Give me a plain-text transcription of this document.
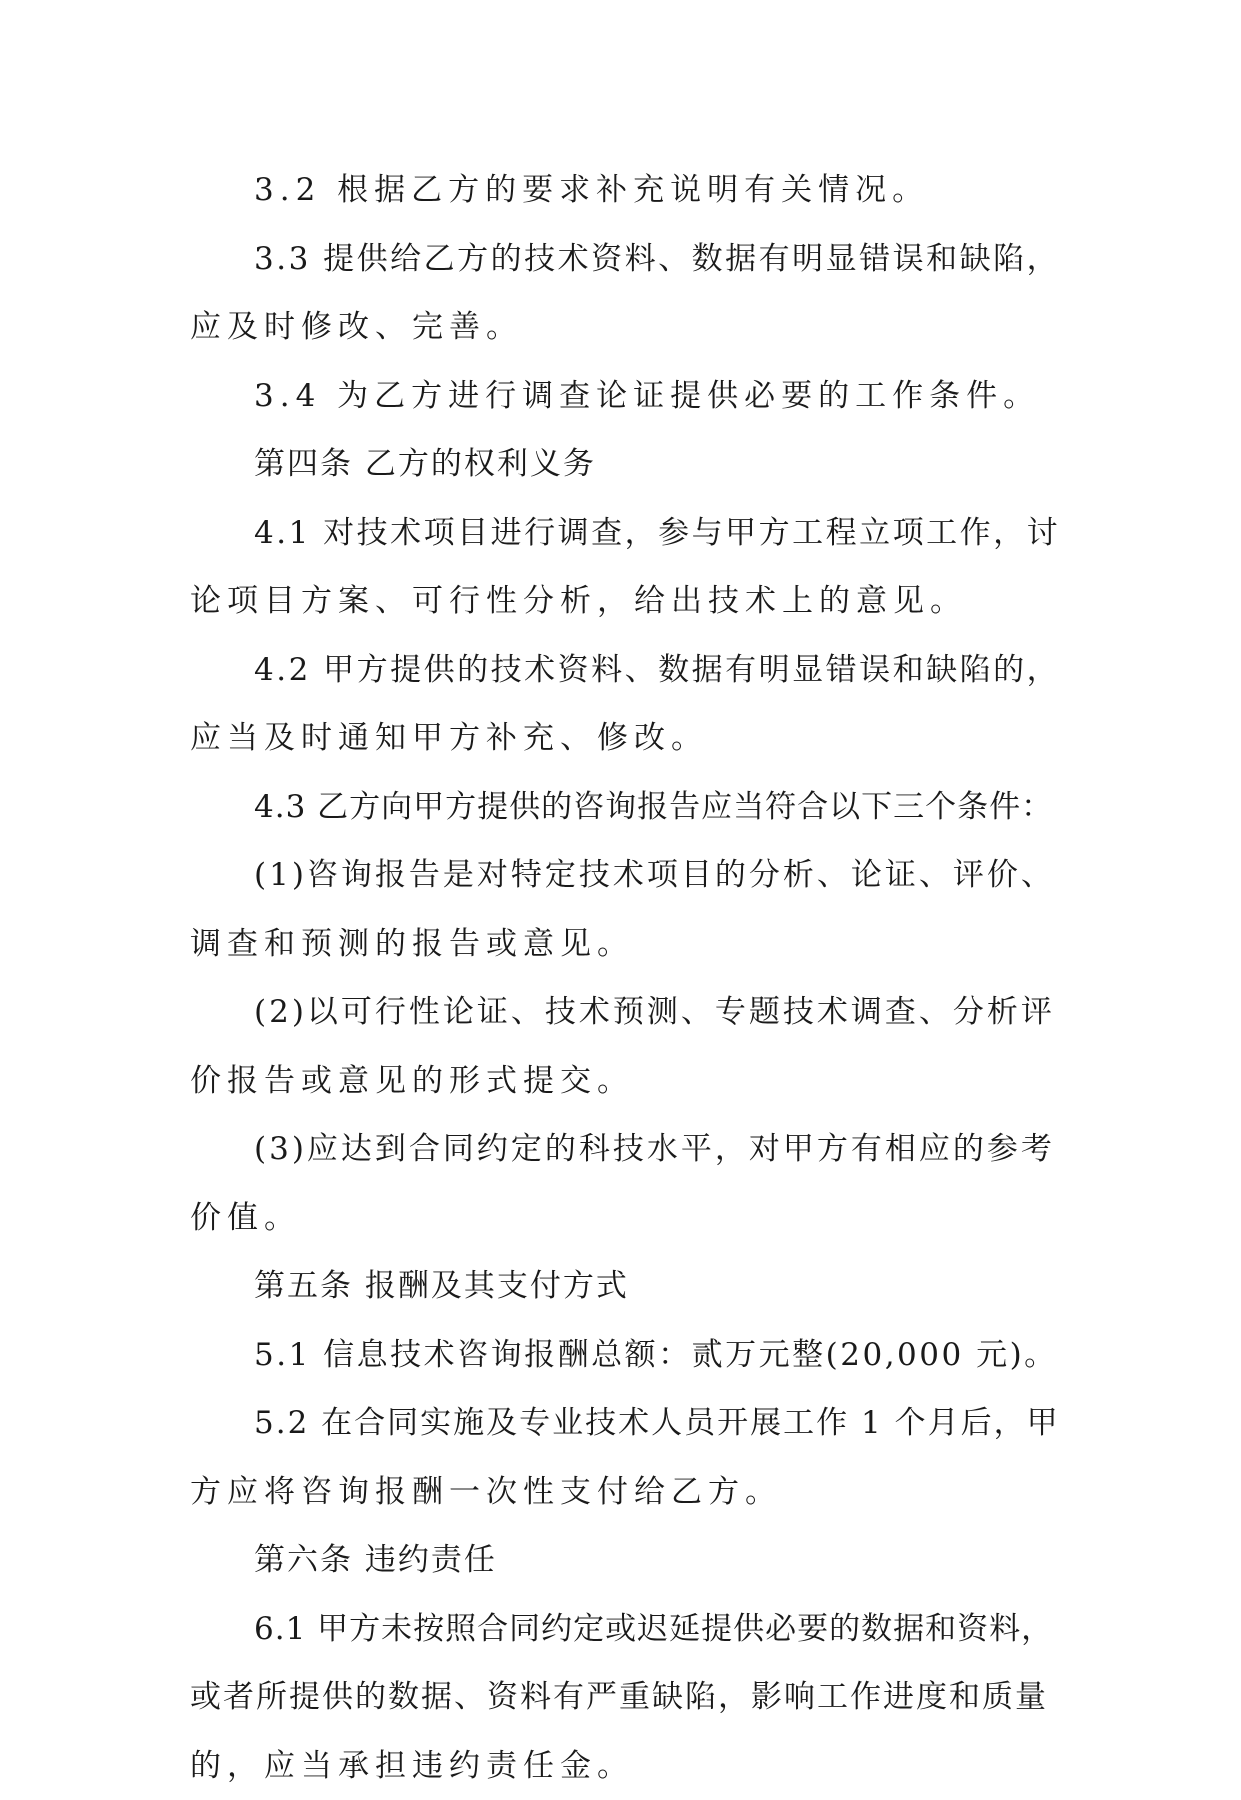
3.2 根据乙方的要求补充说明有关情况。
3.3 提供给乙方的技术资料、数据有明显错误和缺陷，
应及时修改、完善。
3.4 为乙方进行调查论证提供必要的工作条件。
第四条 乙方的权利义务
4.1 对技术项目进行调查，参与甲方工程立项工作，讨
论项目方案、可行性分析，给出技术上的意见。
4.2 甲方提供的技术资料、数据有明显错误和缺陷的，
应当及时通知甲方补充、修改。
4.3 乙方向甲方提供的咨询报告应当符合以下三个条件：
(1)咨询报告是对特定技术项目的分析、论证、评价、
调查和预测的报告或意见。
(2)以可行性论证、技术预测、专题技术调查、分析评
价报告或意见的形式提交。
(3)应达到合同约定的科技水平，对甲方有相应的参考
价值。
第五条 报酬及其支付方式
5.1 信息技术咨询报酬总额：贰万元整(20,000 元)。
5.2 在合同实施及专业技术人员开展工作 1 个月后，甲
方应将咨询报酬一次性支付给乙方。
第六条 违约责任
6.1 甲方未按照合同约定或迟延提供必要的数据和资料，
或者所提供的数据、资料有严重缺陷，影响工作进度和质量
的，应当承担违约责任金。
